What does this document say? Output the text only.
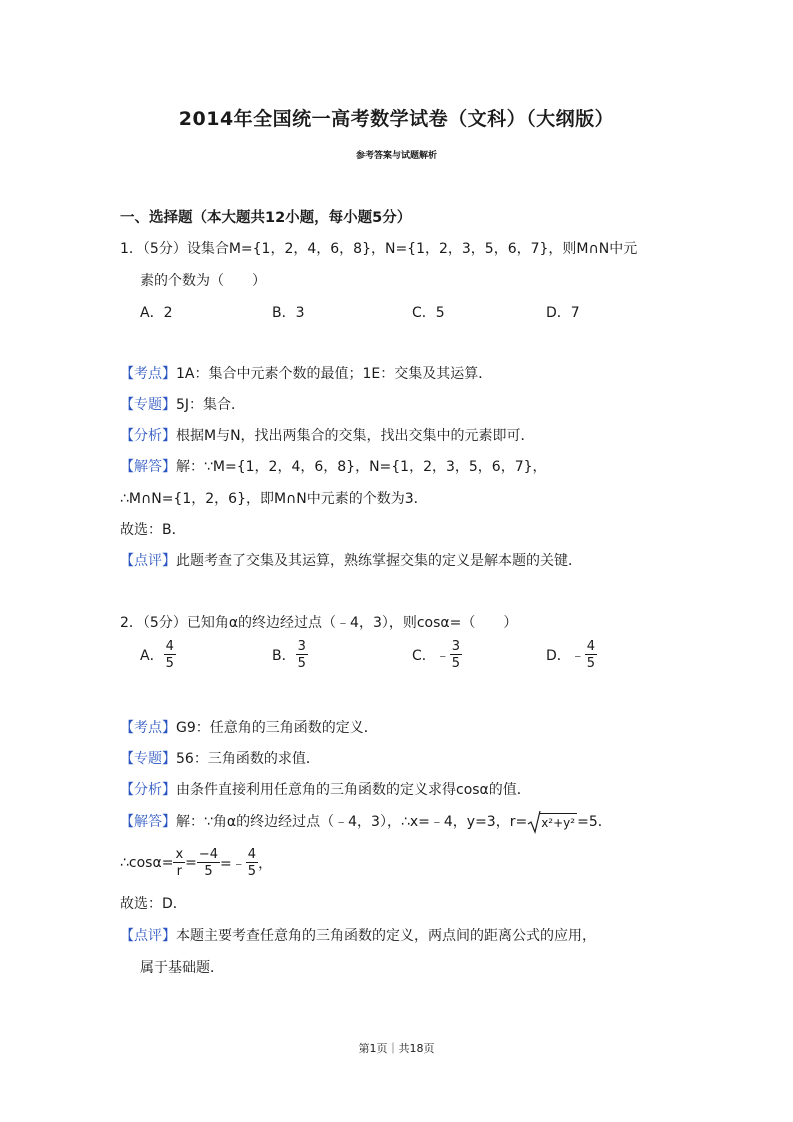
2014年全国统一高考数学试卷（文科）（大纲版）
参考答案与试题解析
一、选择题（本大题共12小题，每小题5分）
1．（5分）设集合M={1，2，4，6，8}，N={1，2，3，5，6，7}，则M∩N中元
素的个数为（　　）
A．2	B．3	C．5	D．7
【考点】1A：集合中元素个数的最值；1E：交集及其运算．
【专题】5J：集合．
【分析】根据M与N，找出两集合的交集，找出交集中的元素即可．
【解答】解：∵M={1，2，4，6，8}，N={1，2，3，5，6，7}，
∴M∩N={1，2，6}，即M∩N中元素的个数为3．
故选：B．
【点评】此题考查了交集及其运算，熟练掌握交集的定义是解本题的关键．
2．（5分）已知角α的终边经过点（﹣4，3），则cosα=（　　）
A． $\frac{4}{5}$	B． $\frac{3}{5}$	C．﹣ $\frac{3}{5}$	D．﹣ $\frac{4}{5}$
【考点】G9：任意角的三角函数的定义．
【专题】56：三角函数的求值．
【分析】由条件直接利用任意角的三角函数的定义求得cosα的值．
【解答】解：∵角α的终边经过点（﹣4，3），∴x=﹣4，y=3，r= x²+y² =5．
∴cosα= $\frac{x}{r} = \frac{-4}{5}$ =﹣ $\frac{4}{5}$ ，
故选：D．
【点评】本题主要考查任意角的三角函数的定义，两点间的距离公式的应用，
属于基础题．
第1页｜共18页
